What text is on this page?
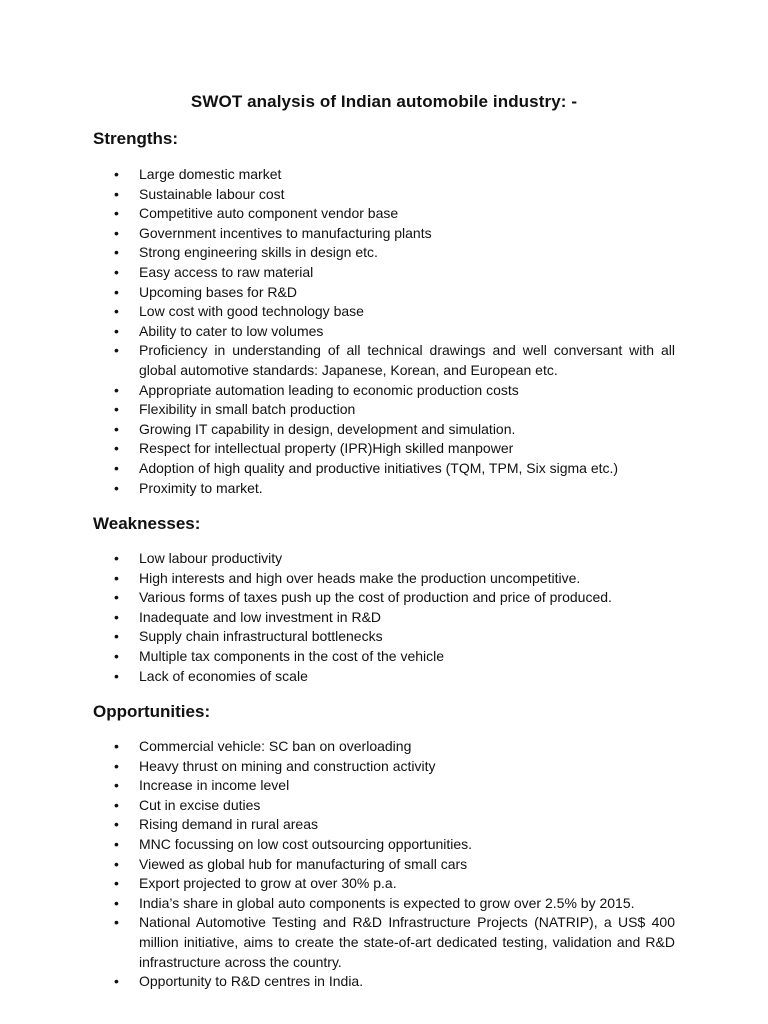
SWOT analysis of Indian automobile industry: -
Strengths:
• Large domestic market
• Sustainable labour cost
• Competitive auto component vendor base
• Government incentives to manufacturing plants
• Strong engineering skills in design etc.
• Easy access to raw material
• Upcoming bases for R&D
• Low cost with good technology base
• Ability to cater to low volumes
• Proficiency in understanding of all technical drawings and well conversant with all global automotive standards: Japanese, Korean, and European etc.
• Appropriate automation leading to economic production costs
• Flexibility in small batch production
• Growing IT capability in design, development and simulation.
• Respect for intellectual property (IPR)High skilled manpower
• Adoption of high quality and productive initiatives (TQM, TPM, Six sigma etc.)
• Proximity to market.
Weaknesses:
• Low labour productivity
• High interests and high over heads make the production uncompetitive.
• Various forms of taxes push up the cost of production and price of produced.
• Inadequate and low investment in R&D
• Supply chain infrastructural bottlenecks
• Multiple tax components in the cost of the vehicle
• Lack of economies of scale
Opportunities:
• Commercial vehicle: SC ban on overloading
• Heavy thrust on mining and construction activity
• Increase in income level
• Cut in excise duties
• Rising demand in rural areas
• MNC focussing on low cost outsourcing opportunities.
• Viewed as global hub for manufacturing of small cars
• Export projected to grow at over 30% p.a.
• India’s share in global auto components is expected to grow over 2.5% by 2015.
• National Automotive Testing and R&D Infrastructure Projects (NATRIP), a US$ 400 million initiative, aims to create the state-of-art dedicated testing, validation and R&D infrastructure across the country.
• Opportunity to R&D centres in India.
